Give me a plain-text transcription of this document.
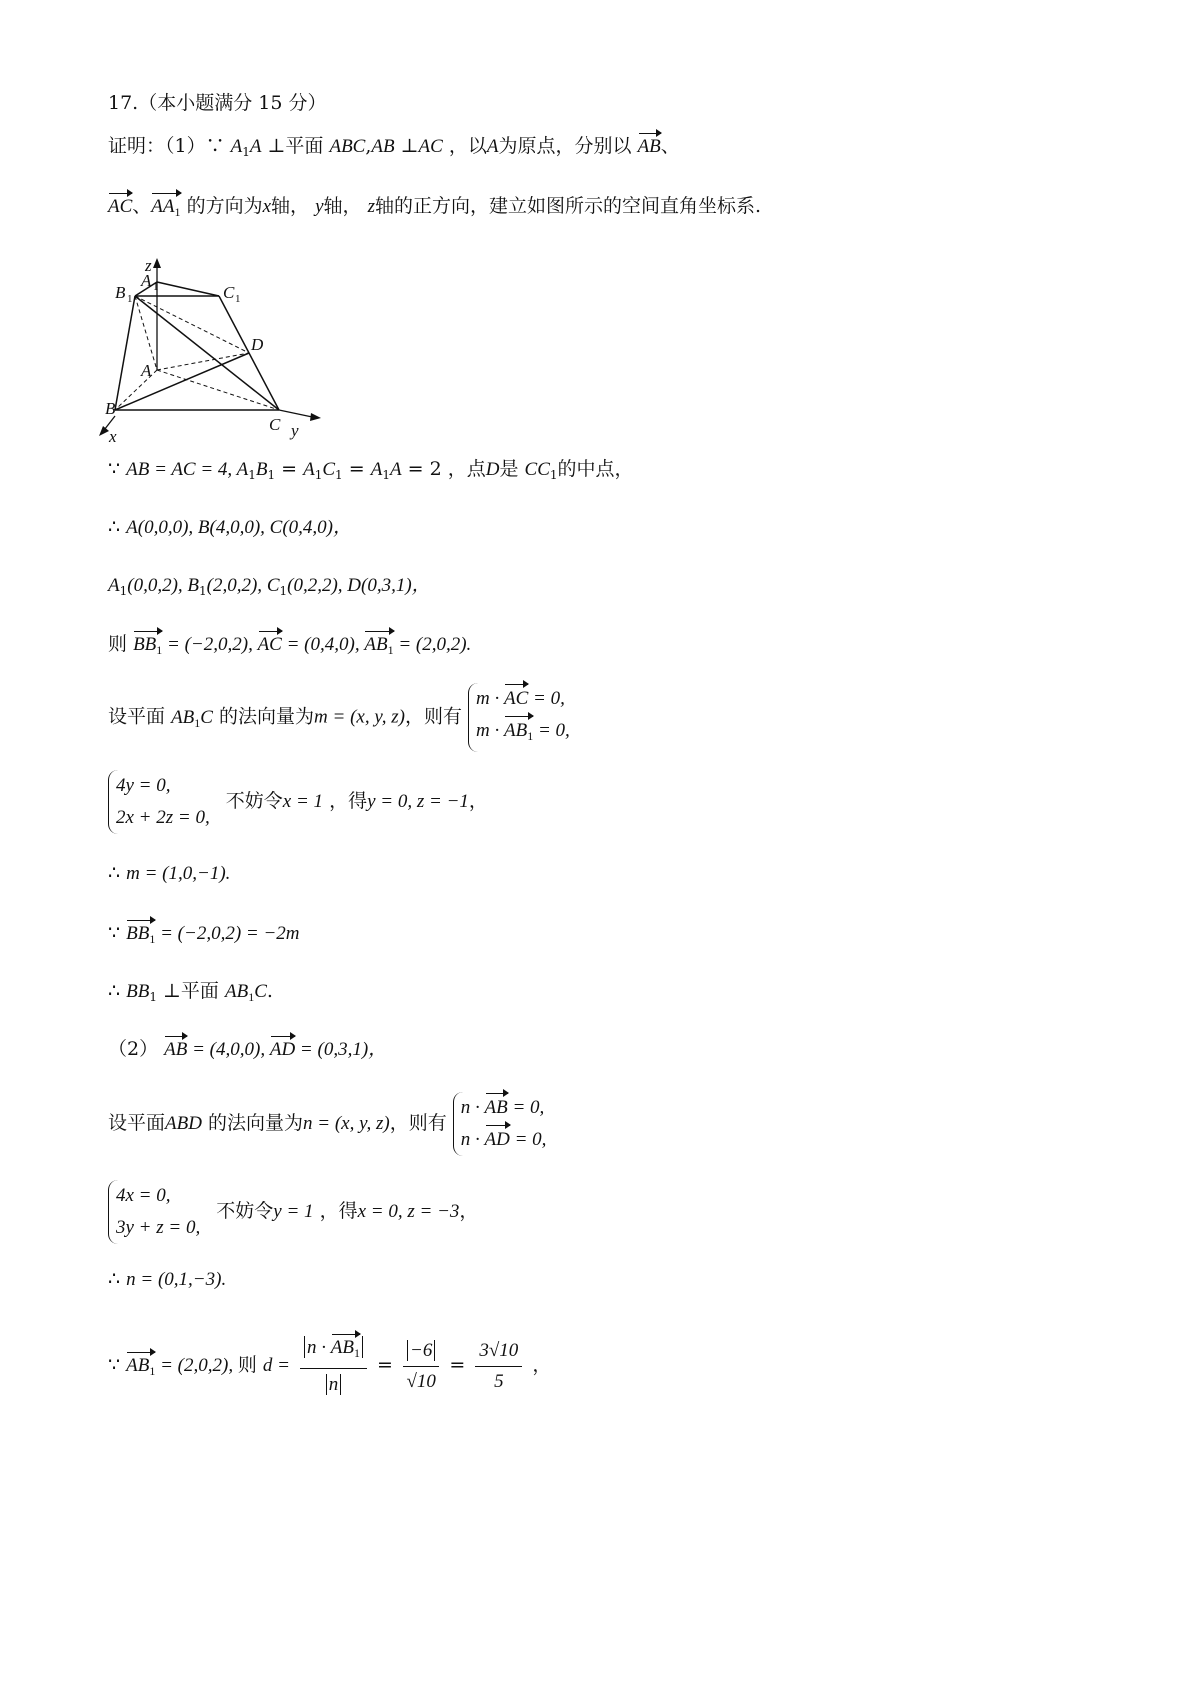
17.（本小题满分 15 分）
证明：（1）∵ $A_1A$ ⊥平面 ABC,AB ⊥AC ，以A为原点，分别以 AB、
AC、$AA_1$ 的方向为x轴， y轴， z轴的正方向，建立如图所示的空间直角坐标系.
z
A 1
B 1	C 1
D
A
B
C y
x
∵ AB = AC = 4, $A_1B_1 = A_1C_1 = A_1A = 2$ ，点D是 $CC_1$的中点，
∴ A(0,0,0), B(4,0,0), C(0,4,0)，
$A_1(0,0,2)$, $B_1(2,0,2)$, $C_1(0,2,2)$, D(0,3,1)，
则 $BB_1 = (-2,0,2)$, AC = (0,4,0), $AB_1 = (2,0,2)$.
设平面 $AB_1C$ 的法向量为m = (x, y, z)，则有
m · AC = 0,
$m \cdot AB_1 = 0$,
4y = 0,
2x + 2z = 0,
不妨令x = 1 ，得y = 0, z = −1，
∴ m = (1,0,−1).
∵ $BB_1 = (-2,0,2) = -2m$
∴ $BB_1$ ⊥平面 $AB_1C$.
（2） AB = (4,0,0), AD = (0,3,1)，
设平面ABD 的法向量为n = (x, y, z)，则有
n · AB = 0,
n · AD = 0,
4x = 0,
3y + z = 0,
不妨令y = 1 ，得x = 0, z = −3，
∴ n = (0,1,−3).
∵ $AB_1 = (2,0,2)$, 则 $d = \frac{n \cdot AB_1}{n} = \frac{-6}{√10} = \frac{3√10}{5}$ ，
